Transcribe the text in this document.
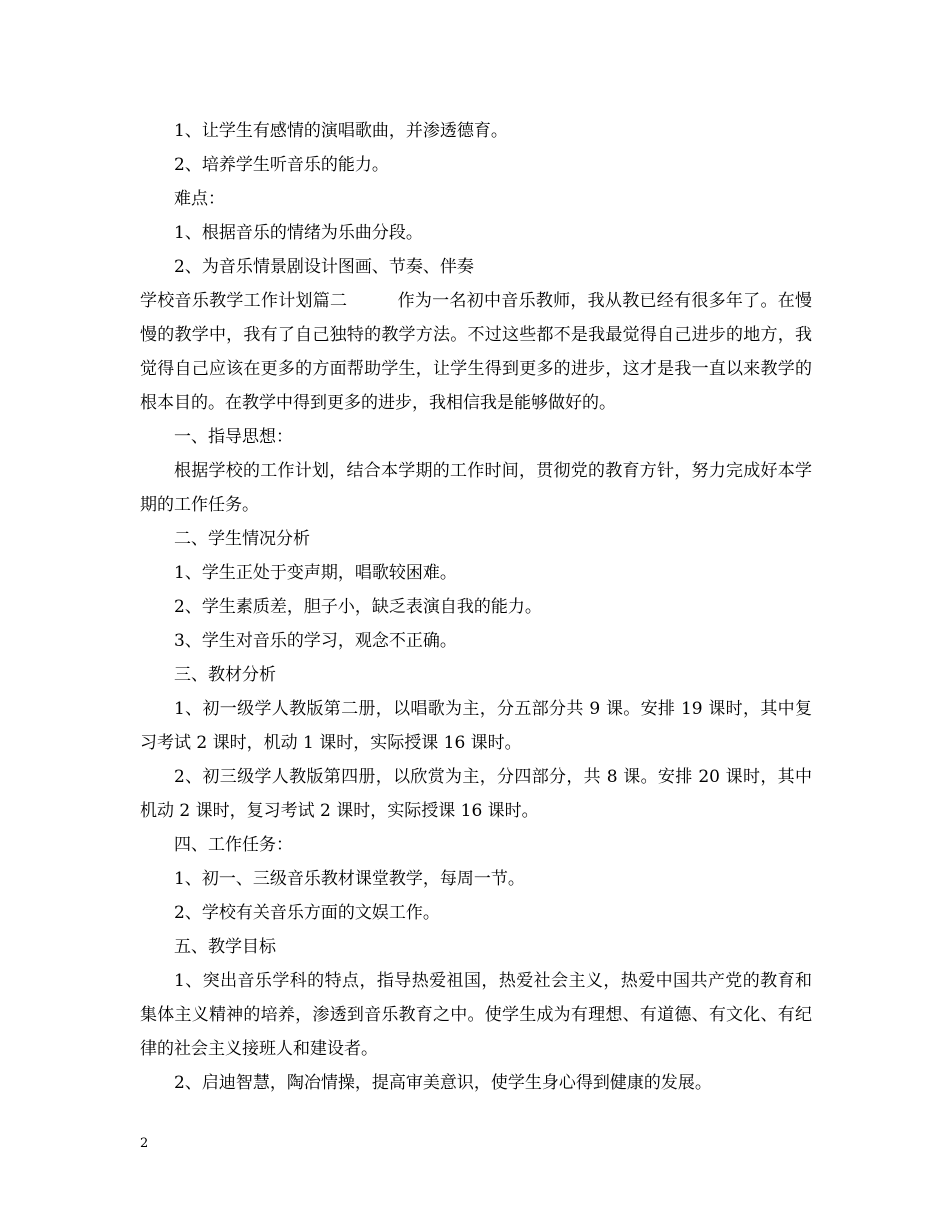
1、让学生有感情的演唱歌曲，并渗透德育。

2、培养学生听音乐的能力。

难点：

1、根据音乐的情绪为乐曲分段。

2、为音乐情景剧设计图画、节奏、伴奏

学校音乐教学工作计划篇二	作为一名初中音乐教师，我从教已经有很多年了。在慢慢的教学中，我有了自己独特的教学方法。不过这些都不是我最觉得自己进步的地方，我觉得自己应该在更多的方面帮助学生，让学生得到更多的进步，这才是我一直以来教学的根本目的。在教学中得到更多的进步，我相信我是能够做好的。

一、指导思想：

根据学校的工作计划，结合本学期的工作时间，贯彻党的教育方针，努力完成好本学期的工作任务。

二、学生情况分析

1、学生正处于变声期，唱歌较困难。

2、学生素质差，胆子小，缺乏表演自我的能力。

3、学生对音乐的学习，观念不正确。

三、教材分析

1、初一级学人教版第二册，以唱歌为主，分五部分共 9 课。安排 19 课时，其中复习考试 2 课时，机动 1 课时，实际授课 16 课时。

2、初三级学人教版第四册，以欣赏为主，分四部分，共 8 课。安排 20 课时，其中机动 2 课时，复习考试 2 课时，实际授课 16 课时。

四、工作任务：

1、初一、三级音乐教材课堂教学，每周一节。

2、学校有关音乐方面的文娱工作。

五、教学目标

1、突出音乐学科的特点，指导热爱祖国，热爱社会主义，热爱中国共产党的教育和集体主义精神的培养，渗透到音乐教育之中。使学生成为有理想、有道德、有文化、有纪律的社会主义接班人和建设者。

2、启迪智慧，陶冶情操，提高审美意识，使学生身心得到健康的发展。

2
